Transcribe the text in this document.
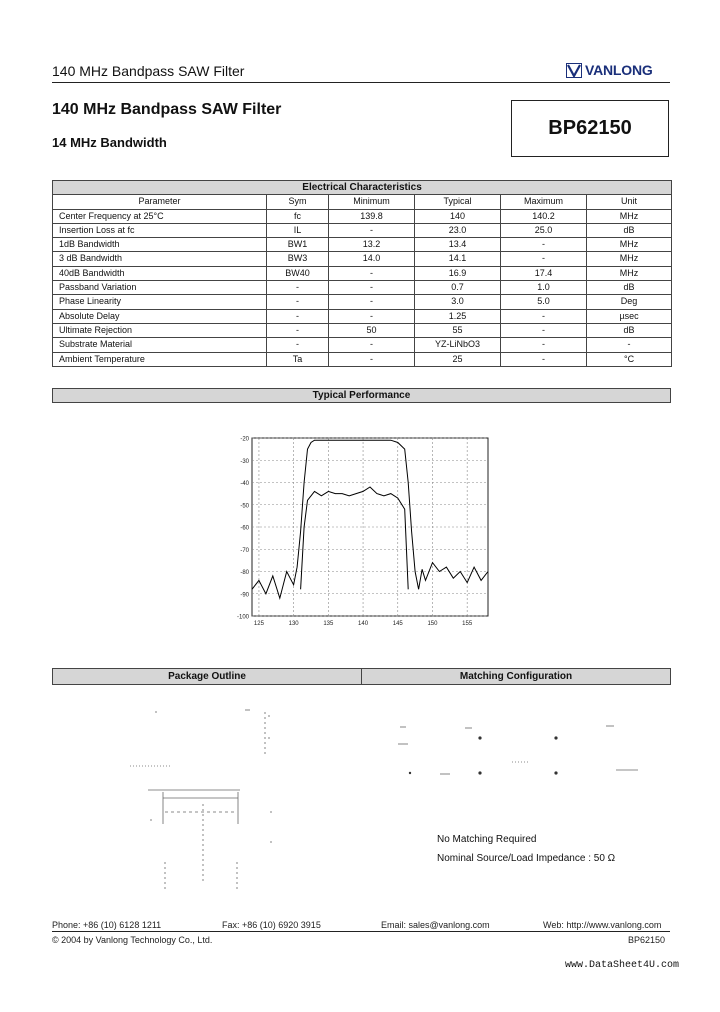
140 MHz Bandpass SAW Filter	VANLONG
140 MHz Bandpass SAW Filter
14 MHz Bandwidth
BP62150
Electrical Characteristics					
Parameter	Sym	Minimum	Typical	Maximum	Unit
Center Frequency at 25°C	fc	139.8	140	140.2	MHz
Insertion Loss at fc	IL	-	23.0	25.0	dB
1dB Bandwidth	BW1	13.2	13.4	-	MHz
3 dB Bandwidth	BW3	14.0	14.1	-	MHz
40dB Bandwidth	BW40	-	16.9	17.4	MHz
Passband Variation	-	-	0.7	1.0	dB
Phase Linearity	-	-	3.0	5.0	Deg
Absolute Delay	-	-	1.25	-	µsec
Ultimate Rejection	-	50	55	-	dB
Substrate Material	-	-	YZ-LiNbO3	-	-
Ambient Temperature	Ta	-	25	-	°C
Typical Performance
-20
-30
-40
-50
-60
-70
-80
-90
-100
125	130	135	140	145	150	155
Package Outline	Matching Configuration
No Matching Required
Nominal Source/Load Impedance : 50 Ω
Phone: +86 (10) 6128 1211	Fax: +86 (10) 6920 3915	Email: sales@vanlong.com	Web: http://www.vanlong.com
© 2004 by Vanlong Technology Co., Ltd.	BP62150
www.DataSheet4U.com
